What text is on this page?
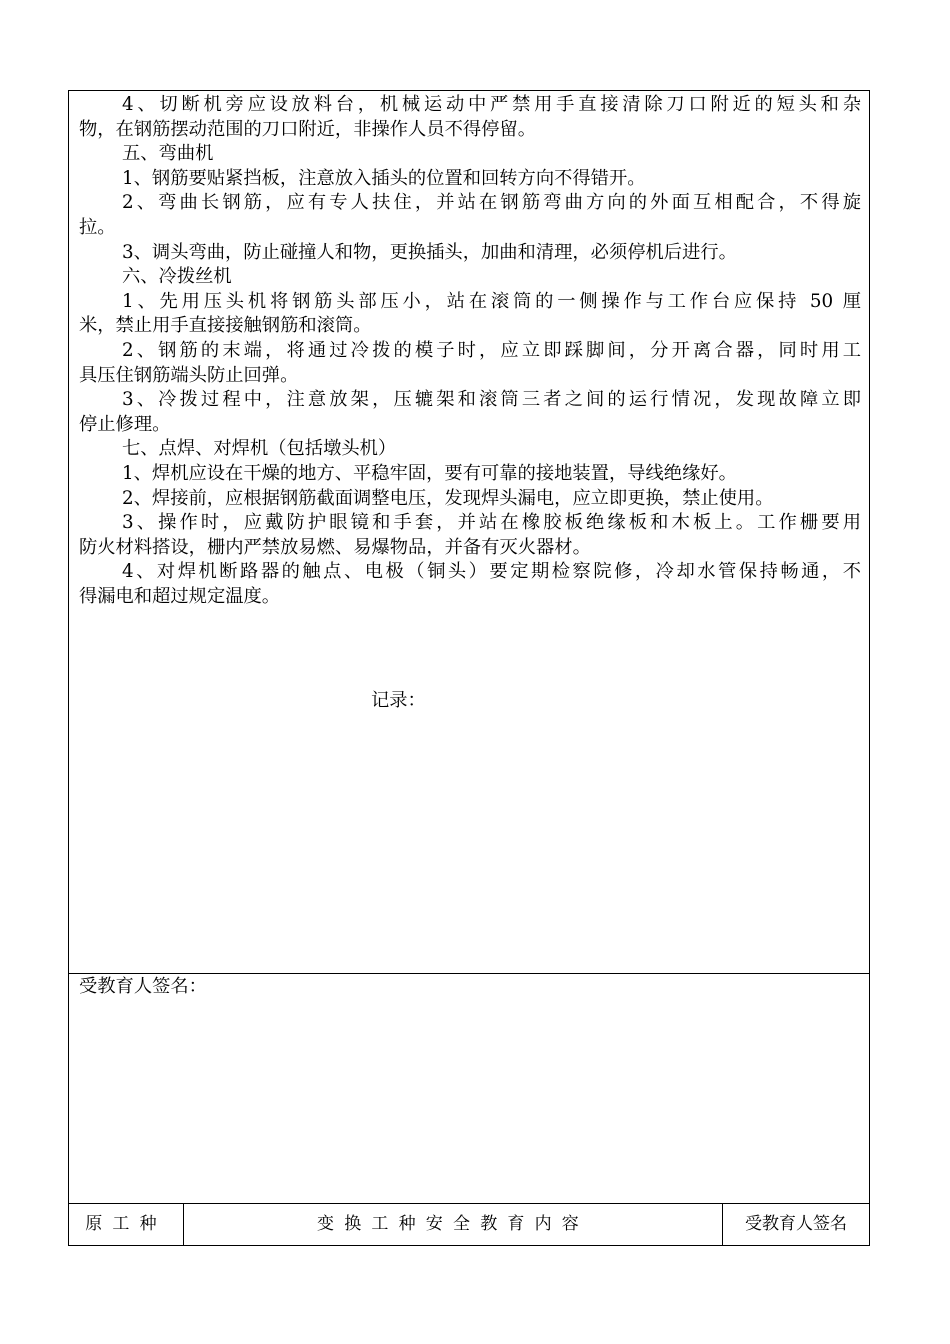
4、切断机旁应设放料台，机械运动中严禁用手直接清除刀口附近的短头和杂
物，在钢筋摆动范围的刀口附近，非操作人员不得停留。
五、弯曲机
1、钢筋要贴紧挡板，注意放入插头的位置和回转方向不得错开。
2、弯曲长钢筋，应有专人扶住，并站在钢筋弯曲方向的外面互相配合，不得旋
拉。
3、调头弯曲，防止碰撞人和物，更换插头，加曲和清理，必须停机后进行。
六、冷拨丝机
1、先用压头机将钢筋头部压小，站在滚筒的一侧操作与工作台应保持 50 厘
米，禁止用手直接接触钢筋和滚筒。
2、钢筋的末端，将通过冷拨的模子时，应立即踩脚间，分开离合器，同时用工
具压住钢筋端头防止回弹。
3、冷拨过程中，注意放架，压辘架和滚筒三者之间的运行情况，发现故障立即
停止修理。
七、点焊、对焊机（包括墩头机）
1、焊机应设在干燥的地方、平稳牢固，要有可靠的接地装置，导线绝缘好。
2、焊接前，应根据钢筋截面调整电压，发现焊头漏电，应立即更换，禁止使用。
3、操作时，应戴防护眼镜和手套，并站在橡胶板绝缘板和木板上。工作栅要用
防火材料搭设，栅内严禁放易燃、易爆物品，并备有灭火器材。
4、对焊机断路器的触点、电极（铜头）要定期检察院修，冷却水管保持畅通，不
得漏电和超过规定温度。
记录：
受教育人签名：
原工种	变换工种安全教育内容	受教育人签名
